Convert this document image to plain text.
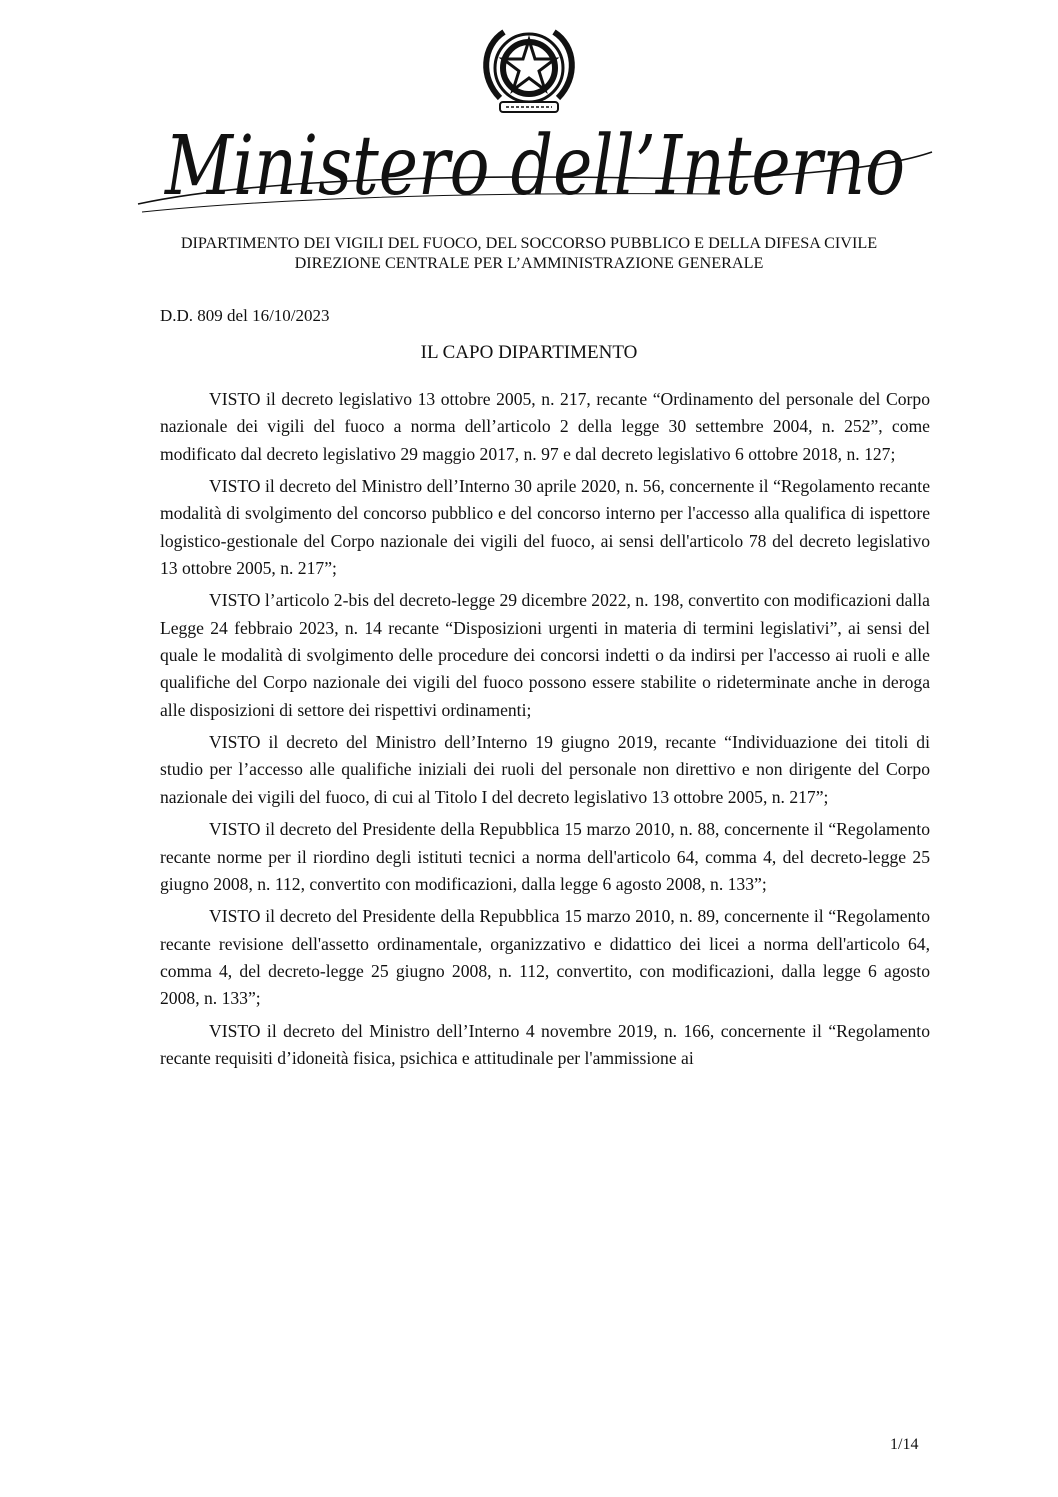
Ministero dell’Interno
DIPARTIMENTO DEI VIGILI DEL FUOCO, DEL SOCCORSO PUBBLICO E DELLA DIFESA CIVILE
DIREZIONE CENTRALE PER L’AMMINISTRAZIONE GENERALE
D.D. 809 del 16/10/2023
IL CAPO DIPARTIMENTO

VISTO il decreto legislativo 13 ottobre 2005, n. 217, recante “Ordinamento del personale del Corpo nazionale dei vigili del fuoco a norma dell’articolo 2 della legge 30 settembre 2004, n. 252”, come modificato dal decreto legislativo 29 maggio 2017, n. 97 e dal decreto legislativo 6 ottobre 2018, n. 127;

VISTO il decreto del Ministro dell’Interno 30 aprile 2020, n. 56, concernente il “Regolamento recante modalità di svolgimento del concorso pubblico e del concorso interno per l'accesso alla qualifica di ispettore logistico-gestionale del Corpo nazionale dei vigili del fuoco, ai sensi dell'articolo 78 del decreto legislativo 13 ottobre 2005, n. 217”;

VISTO l’articolo 2-bis del decreto-legge 29 dicembre 2022, n. 198, convertito con modificazioni dalla Legge 24 febbraio 2023, n. 14 recante “Disposizioni urgenti in materia di termini legislativi”, ai sensi del quale le modalità di svolgimento delle procedure dei concorsi indetti o da indirsi per l'accesso ai ruoli e alle qualifiche del Corpo nazionale dei vigili del fuoco possono essere stabilite o rideterminate anche in deroga alle disposizioni di settore dei rispettivi ordinamenti;

VISTO il decreto del Ministro dell’Interno 19 giugno 2019, recante “Individuazione dei titoli di studio per l’accesso alle qualifiche iniziali dei ruoli del personale non direttivo e non dirigente del Corpo nazionale dei vigili del fuoco, di cui al Titolo I del decreto legislativo 13 ottobre 2005, n. 217”;

VISTO il decreto del Presidente della Repubblica 15 marzo 2010, n. 88, concernente il “Regolamento recante norme per il riordino degli istituti tecnici a norma dell'articolo 64, comma 4, del decreto-legge 25 giugno 2008, n. 112, convertito con modificazioni, dalla legge 6 agosto 2008, n. 133”;

VISTO il decreto del Presidente della Repubblica 15 marzo 2010, n. 89, concernente il “Regolamento recante revisione dell'assetto ordinamentale, organizzativo e didattico dei licei a norma dell'articolo 64, comma 4, del decreto-legge 25 giugno 2008, n. 112, convertito, con modificazioni, dalla legge 6 agosto 2008, n. 133”;

VISTO il decreto del Ministro dell’Interno 4 novembre 2019, n. 166, concernente il “Regolamento recante requisiti d’idoneità fisica, psichica e attitudinale per l'ammissione ai

1/14
